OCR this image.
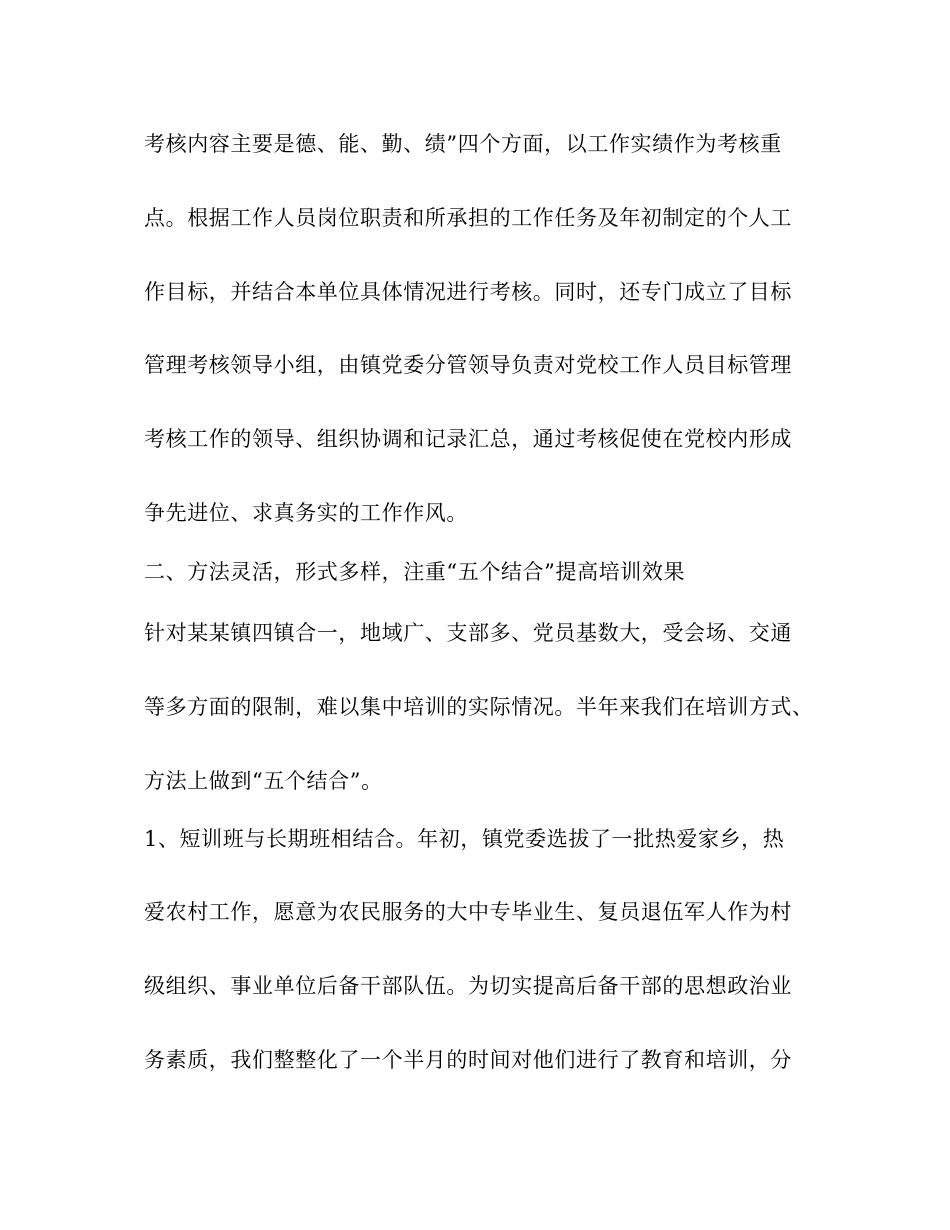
考核内容主要是德、能、勤、绩”四个方面，以工作实绩作为考核重
点。根据工作人员岗位职责和所承担的工作任务及年初制定的个人工
作目标，并结合本单位具体情况进行考核。同时，还专门成立了目标
管理考核领导小组，由镇党委分管领导负责对党校工作人员目标管理
考核工作的领导、组织协调和记录汇总，通过考核促使在党校内形成
争先进位、求真务实的工作作风。
二、方法灵活，形式多样，注重“五个结合”提高培训效果
针对某某镇四镇合一，地域广、支部多、党员基数大，受会场、交通
等多方面的限制，难以集中培训的实际情况。半年来我们在培训方式、
方法上做到“五个结合”。
1、短训班与长期班相结合。年初，镇党委选拔了一批热爱家乡，热
爱农村工作，愿意为农民服务的大中专毕业生、复员退伍军人作为村
级组织、事业单位后备干部队伍。为切实提高后备干部的思想政治业
务素质，我们整整化了一个半月的时间对他们进行了教育和培训，分
